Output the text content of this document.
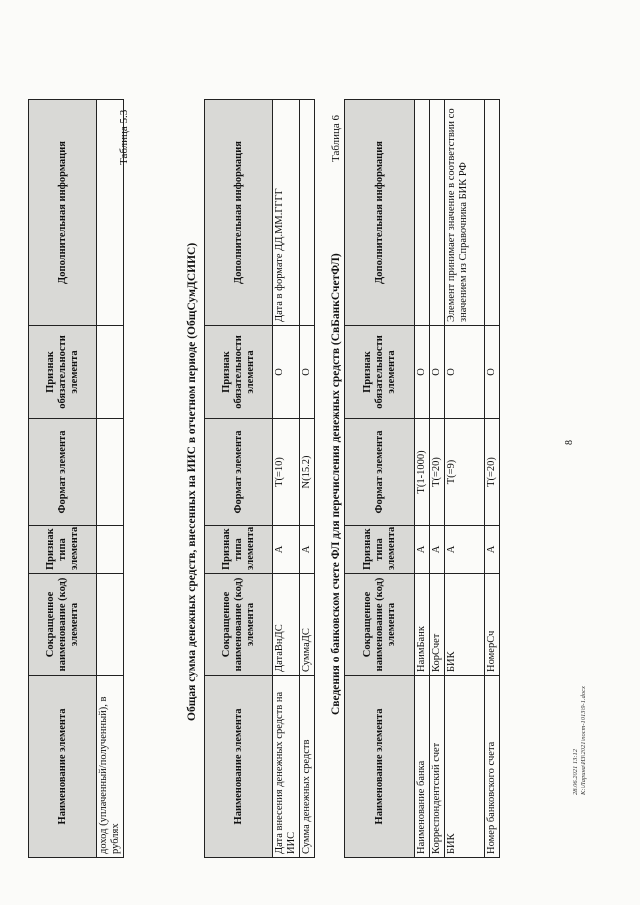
8
Наименование элемента	Сокращенное наименование (код) элемента	Признак типа элемента	Формат элемента	Признак обязательности элемента	Дополнительная информация
доход (уплаченный/полученный), в рублях					
Таблица 5.3
Общая сумма денежных средств, внесенных на ИИС в отчетном периоде (ОбщСумДСИИС)
Наименование элемента	Сокращенное наименование (код) элемента	Признак типа элемента	Формат элемента	Признак обязательности элемента	Дополнительная информация
Дата внесения денежных средств на ИИС	ДатаВнДС	А	Т(=10)	О	Дата в формате ДД.ММ.ГГГГ
Сумма денежных средств	СуммаДС	А	N(15.2)	О	
Таблица 6
Сведения о банковском счете ФЛ для перечисления денежных средств (СвБанкСчетФЛ)
Наименование элемента	Сокращенное наименование (код) элемента	Признак типа элемента	Формат элемента	Признак обязательности элемента	Дополнительная информация
Наименование банка	НаимБанк	А	Т(1-1000)	О	
Корреспондентский счет	КорСчет	А	Т(=20)	О	
БИК	БИК	А	Т(=9)	О	Элемент принимает значение в соответствии со значением из Справочника БИК РФ
Номер банковского счета	НомерСч	А	Т(=20)	О	
28.06.2021 13:12 К:\Ларина\ИЗ\2021\пост-1013\9-1.docx
